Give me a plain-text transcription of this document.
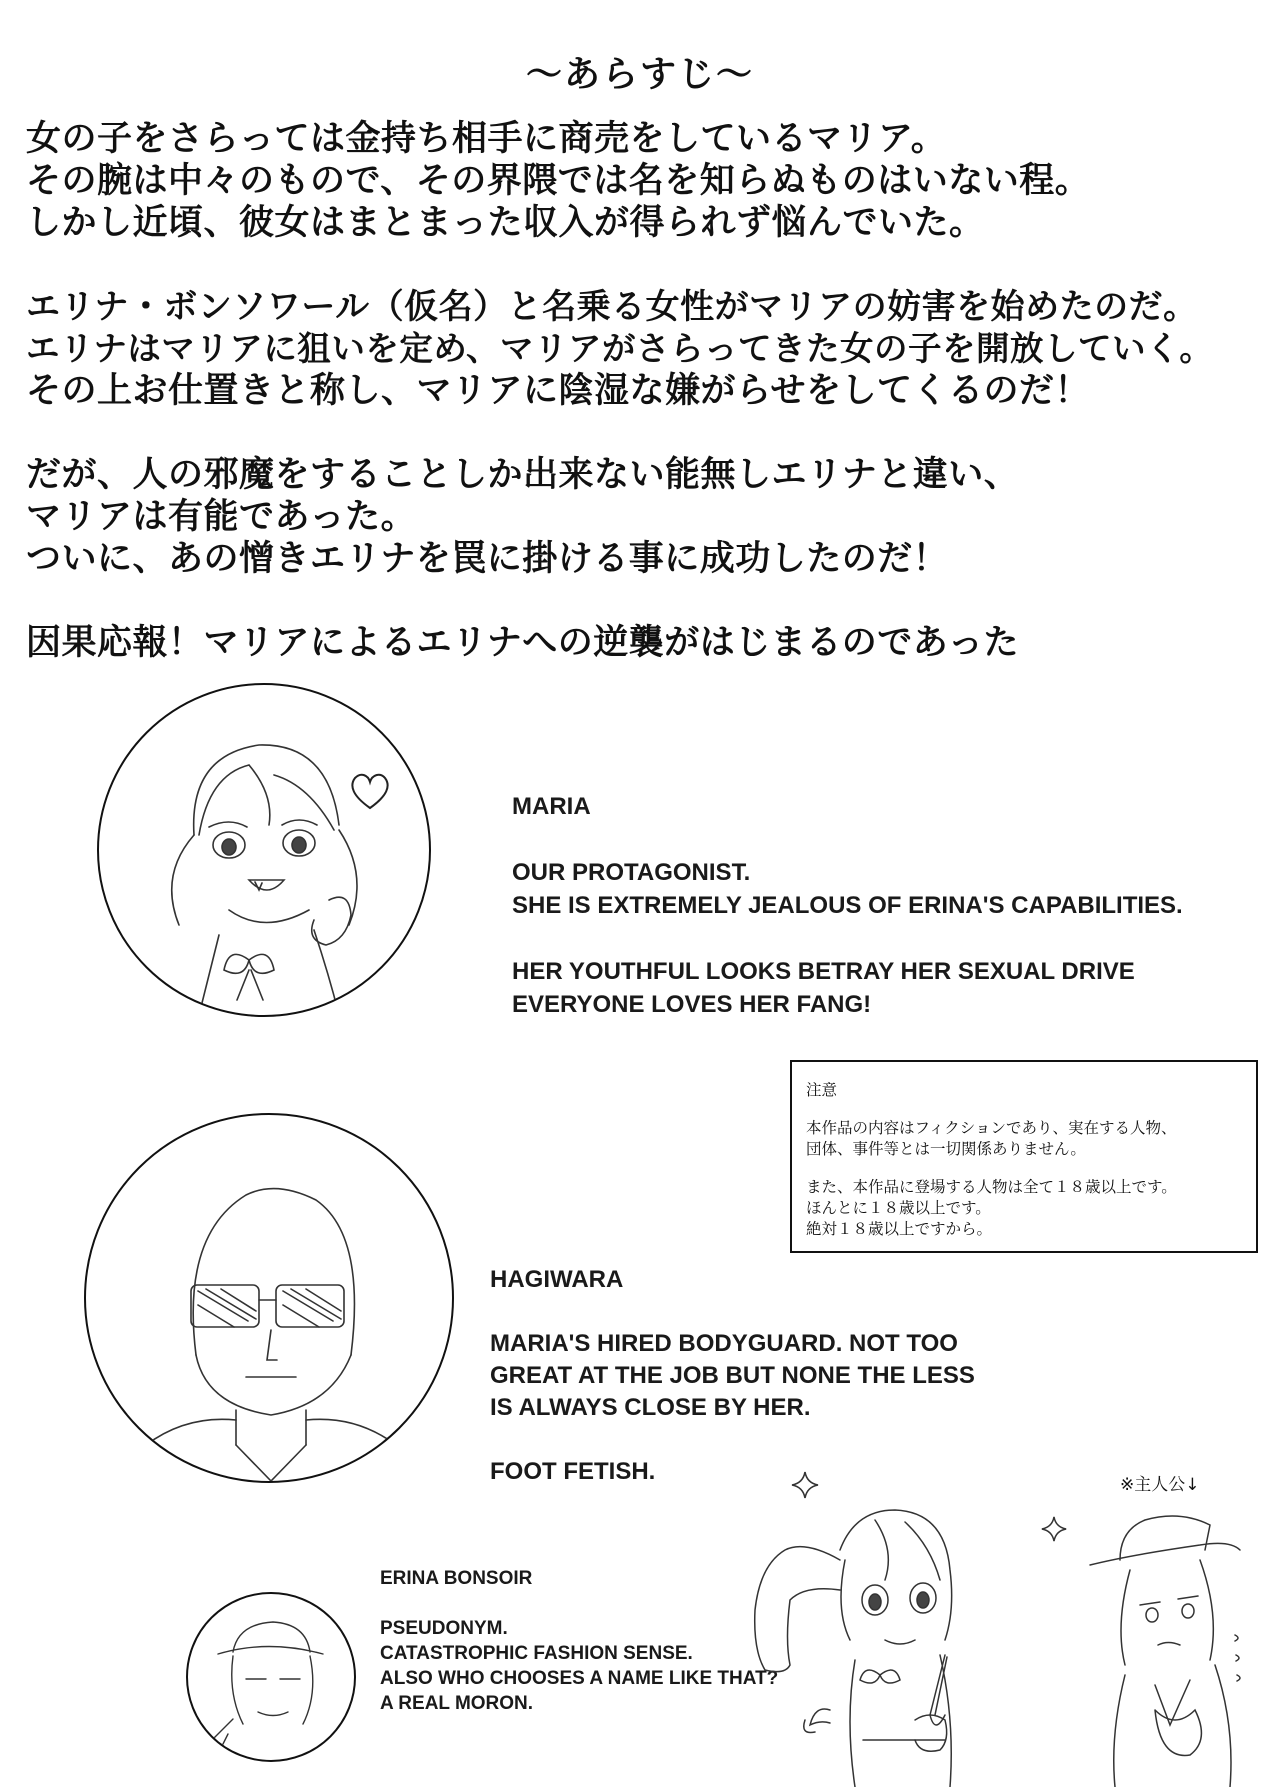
〜あらすじ〜
女の子をさらっては金持ち相手に商売をしているマリア。
その腕は中々のもので、その界隈では名を知らぬものはいない程。
しかし近頃、彼女はまとまった収入が得られず悩んでいた。
エリナ・ボンソワール（仮名）と名乗る女性がマリアの妨害を始めたのだ。
エリナはマリアに狙いを定め、マリアがさらってきた女の子を開放していく。
その上お仕置きと称し、マリアに陰湿な嫌がらせをしてくるのだ！
だが、人の邪魔をすることしか出来ない能無しエリナと違い、
マリアは有能であった。
ついに、あの憎きエリナを罠に掛ける事に成功したのだ！
因果応報！マリアによるエリナへの逆襲がはじまるのであった
MARIA
OUR PROTAGONIST.
SHE IS EXTREMELY JEALOUS OF ERINA'S CAPABILITIES.
HER YOUTHFUL LOOKS BETRAY HER SEXUAL DRIVE
EVERYONE LOVES HER FANG!
注意
本作品の内容はフィクションであり、実在する人物、
団体、事件等とは一切関係ありません。
また、本作品に登場する人物は全て１８歳以上です。
ほんとに１８歳以上です。
絶対１８歳以上ですから。
HAGIWARA
MARIA'S HIRED BODYGUARD. NOT TOO
GREAT AT THE JOB BUT NONE THE LESS
IS ALWAYS CLOSE BY HER.
FOOT FETISH.
ERINA BONSOIR
PSEUDONYM.
CATASTROPHIC FASHION SENSE.
ALSO WHO CHOOSES A NAME LIKE THAT?
A REAL MORON.
※主人公↓
